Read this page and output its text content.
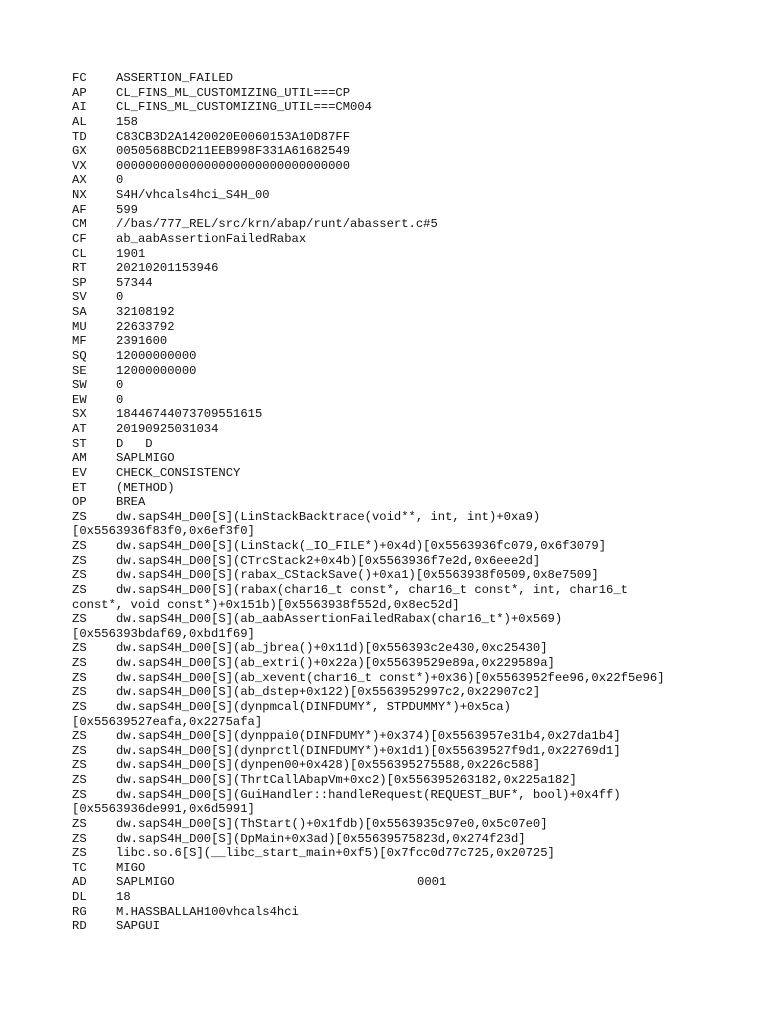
FC	ASSERTION_FAILED
AP	CL_FINS_ML_CUSTOMIZING_UTIL===CP
AI	CL_FINS_ML_CUSTOMIZING_UTIL===CM004
AL	158
TD	C83CB3D2A1420020E0060153A10D87FF
GX	0050568BCD211EEB998F331A61682549
VX	00000000000000000000000000000000
AX	0
NX	S4H/vhcals4hci_S4H_00
AF	599
CM	//bas/777_REL/src/krn/abap/runt/abassert.c#5
CF	ab_aabAssertionFailedRabax
CL	1901
RT	20210201153946
SP	57344
SV	0
SA	32108192
MU	22633792
MF	2391600
SQ	12000000000
SE	12000000000
SW	0
EW	0
SX	18446744073709551615
AT	20190925031034
ST	D   D
AM	SAPLMIGO
EV	CHECK_CONSISTENCY
ET	(METHOD)
OP	BREA
ZS	dw.sapS4H_D00[S](LinStackBacktrace(void**, int, int)+0xa9)
[0x5563936f83f0,0x6ef3f0]
ZS	dw.sapS4H_D00[S](LinStack(_IO_FILE*)+0x4d)[0x5563936fc079,0x6f3079]
ZS	dw.sapS4H_D00[S](CTrcStack2+0x4b)[0x5563936f7e2d,0x6eee2d]
ZS	dw.sapS4H_D00[S](rabax_CStackSave()+0xa1)[0x5563938f0509,0x8e7509]
ZS	dw.sapS4H_D00[S](rabax(char16_t const*, char16_t const*, int, char16_t
const*, void const*)+0x151b)[0x5563938f552d,0x8ec52d]
ZS	dw.sapS4H_D00[S](ab_aabAssertionFailedRabax(char16_t*)+0x569)
[0x556393bdaf69,0xbd1f69]
ZS	dw.sapS4H_D00[S](ab_jbrea()+0x11d)[0x556393c2e430,0xc25430]
ZS	dw.sapS4H_D00[S](ab_extri()+0x22a)[0x55639529e89a,0x229589a]
ZS	dw.sapS4H_D00[S](ab_xevent(char16_t const*)+0x36)[0x5563952fee96,0x22f5e96]
ZS	dw.sapS4H_D00[S](ab_dstep+0x122)[0x5563952997c2,0x22907c2]
ZS	dw.sapS4H_D00[S](dynpmcal(DINFDUMY*, STPDUMMY*)+0x5ca)
[0x55639527eafa,0x2275afa]
ZS	dw.sapS4H_D00[S](dynppai0(DINFDUMY*)+0x374)[0x5563957e31b4,0x27da1b4]
ZS	dw.sapS4H_D00[S](dynprctl(DINFDUMY*)+0x1d1)[0x55639527f9d1,0x22769d1]
ZS	dw.sapS4H_D00[S](dynpen00+0x428)[0x556395275588,0x226c588]
ZS	dw.sapS4H_D00[S](ThrtCallAbapVm+0xc2)[0x556395263182,0x225a182]
ZS	dw.sapS4H_D00[S](GuiHandler::handleRequest(REQUEST_BUF*, bool)+0x4ff)
[0x5563936de991,0x6d5991]
ZS	dw.sapS4H_D00[S](ThStart()+0x1fdb)[0x5563935c97e0,0x5c07e0]
ZS	dw.sapS4H_D00[S](DpMain+0x3ad)[0x55639575823d,0x274f23d]
ZS	libc.so.6[S](__libc_start_main+0xf5)[0x7fcc0d77c725,0x20725]
TC	MIGO
AD	SAPLMIGO	0001
DL	18
RG	M.HASSBALLAH100vhcals4hci
RD	SAPGUI
